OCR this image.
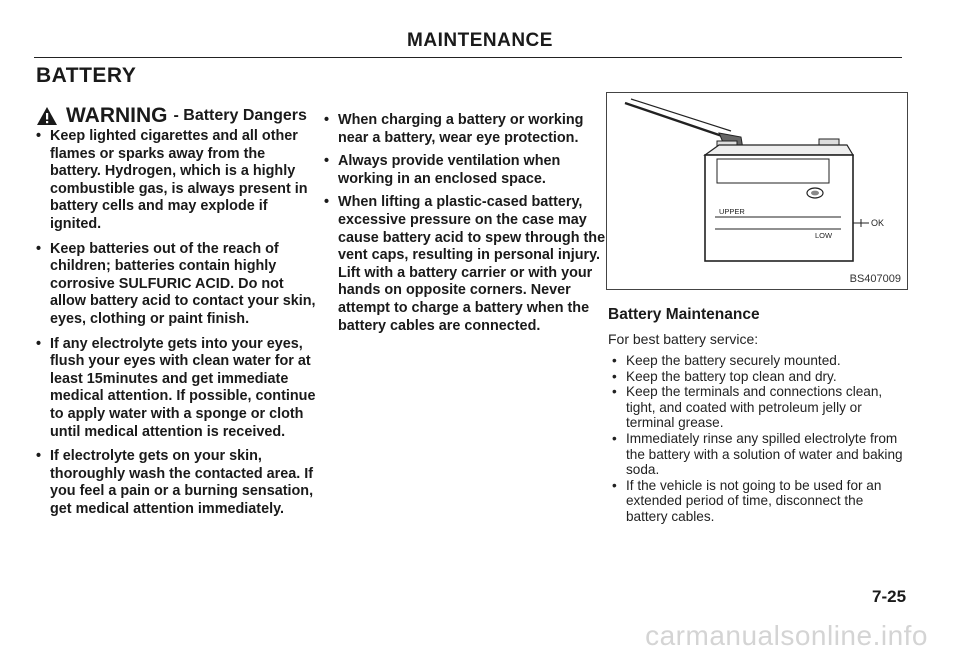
MAINTENANCE
BATTERY
WARNING - Battery Dangers
• Keep lighted cigarettes and all other flames or sparks away from the battery. Hydrogen, which is a highly combustible gas, is always present in battery cells and may explode if ignited.
• Keep batteries out of the reach of children; batteries contain highly corrosive SULFURIC ACID. Do not allow battery acid to contact your skin, eyes, clothing or paint finish.
• If any electrolyte gets into your eyes, flush your eyes with clean water for at least 15minutes and get immediate medical attention. If possible, continue to apply water with a sponge or cloth until medical attention is received.
• If electrolyte gets on your skin, thoroughly wash the contacted area. If you feel a pain or a burning sensation, get medical attention immediately.
• When charging a battery or working near a battery, wear eye protection.
• Always provide ventilation when working in an enclosed space.
• When lifting a plastic-cased battery, excessive pressure on the case may cause battery acid to spew through the vent caps, resulting in personal injury. Lift with a battery carrier or with your hands on opposite corners. Never attempt to charge a battery when the battery cables are connected.
UPPER
LOW
OK
BS407009
Battery Maintenance
For best battery service:
• Keep the battery securely mounted.
• Keep the battery top clean and dry.
• Keep the terminals and connections clean, tight, and coated with petroleum jelly or terminal grease.
• Immediately rinse any spilled electrolyte from the battery with a solution of water and baking soda.
• If the vehicle is not going to be used for an extended period of time, disconnect the battery cables.
7-25
carmanualsonline.info
